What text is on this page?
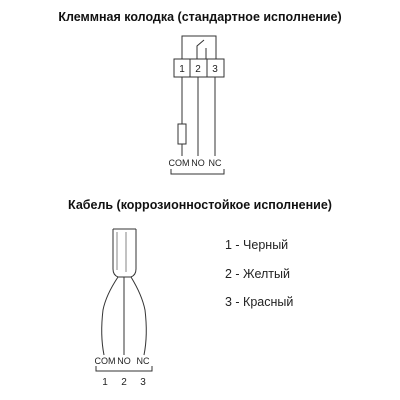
Клеммная колодка (стандартное исполнение)
1 2 3
COM NO NC
COM NO NC
1 2 3
Кабель (коррозионностойкое исполнение)
1 - Черный
2 - Желтый
3 - Красный
